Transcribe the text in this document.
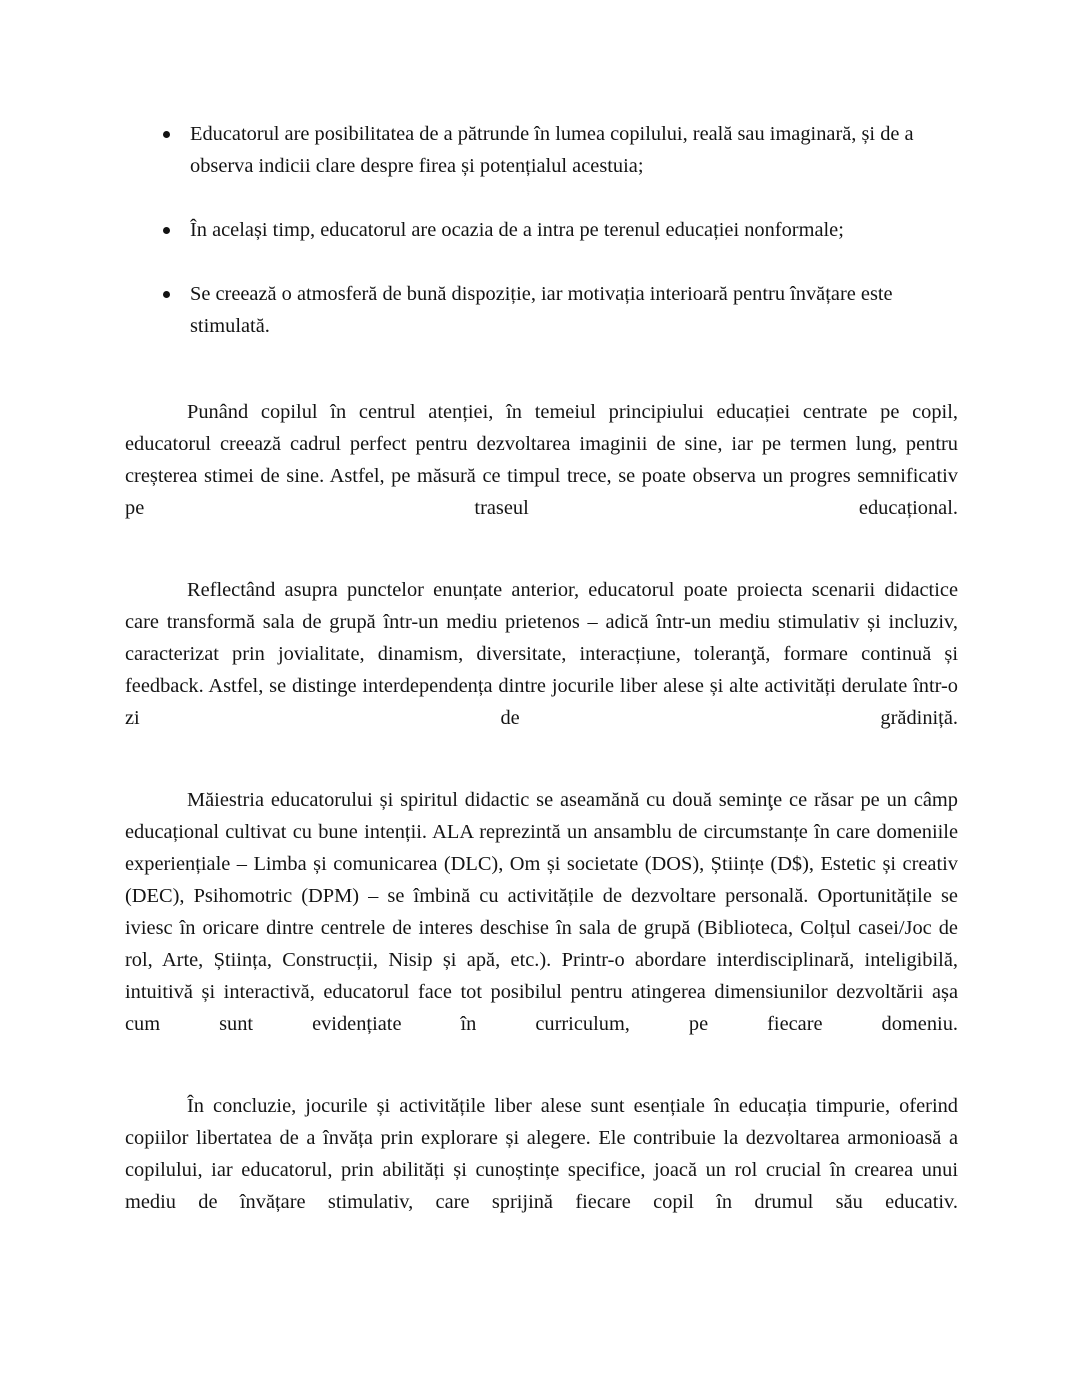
Educatorul are posibilitatea de a pătrunde în lumea copilului, reală sau imaginară, și de a observa indicii clare despre firea și potențialul acestuia;
În același timp, educatorul are ocazia de a intra pe terenul educației nonformale;
Se creează o atmosferă de bună dispoziție, iar motivația interioară pentru învățare este stimulată.

Punând copilul în centrul atenției, în temeiul principiului educației centrate pe copil, educatorul creează cadrul perfect pentru dezvoltarea imaginii de sine, iar pe termen lung, pentru creșterea stimei de sine. Astfel, pe măsură ce timpul trece, se poate observa un progres semnificativ pe traseul educațional.

Reflectând asupra punctelor enunțate anterior, educatorul poate proiecta scenarii didactice care transformă sala de grupă într-un mediu prietenos – adică într-un mediu stimulativ și incluziv, caracterizat prin jovialitate, dinamism, diversitate, interacțiune, toleranţă, formare continuă și feedback. Astfel, se distinge interdependența dintre jocurile liber alese și alte activități derulate într-o zi de grădiniță.

Măiestria educatorului și spiritul didactic se aseamănă cu două seminţe ce răsar pe un câmp educațional cultivat cu bune intenții. ALA reprezintă un ansamblu de circumstanțe în care domeniile experiențiale – Limba și comunicarea (DLC), Om și societate (DOS), Științe (D$), Estetic și creativ (DEC), Psihomotric (DPM) – se îmbină cu activitățile de dezvoltare personală. Oportunitățile se iviesc în oricare dintre centrele de interes deschise în sala de grupă (Biblioteca, Colțul casei/Joc de rol, Arte, Știința, Construcții, Nisip și apă, etc.). Printr-o abordare interdisciplinară, inteligibilă, intuitivă și interactivă, educatorul face tot posibilul pentru atingerea dimensiunilor dezvoltării așa cum sunt evidențiate în curriculum, pe fiecare domeniu.

În concluzie, jocurile și activitățile liber alese sunt esențiale în educația timpurie, oferind copiilor libertatea de a învăța prin explorare și alegere. Ele contribuie la dezvoltarea armonioasă a copilului, iar educatorul, prin abilități și cunoștințe specifice, joacă un rol crucial în crearea unui mediu de învățare stimulativ, care sprijină fiecare copil în drumul său educativ.
